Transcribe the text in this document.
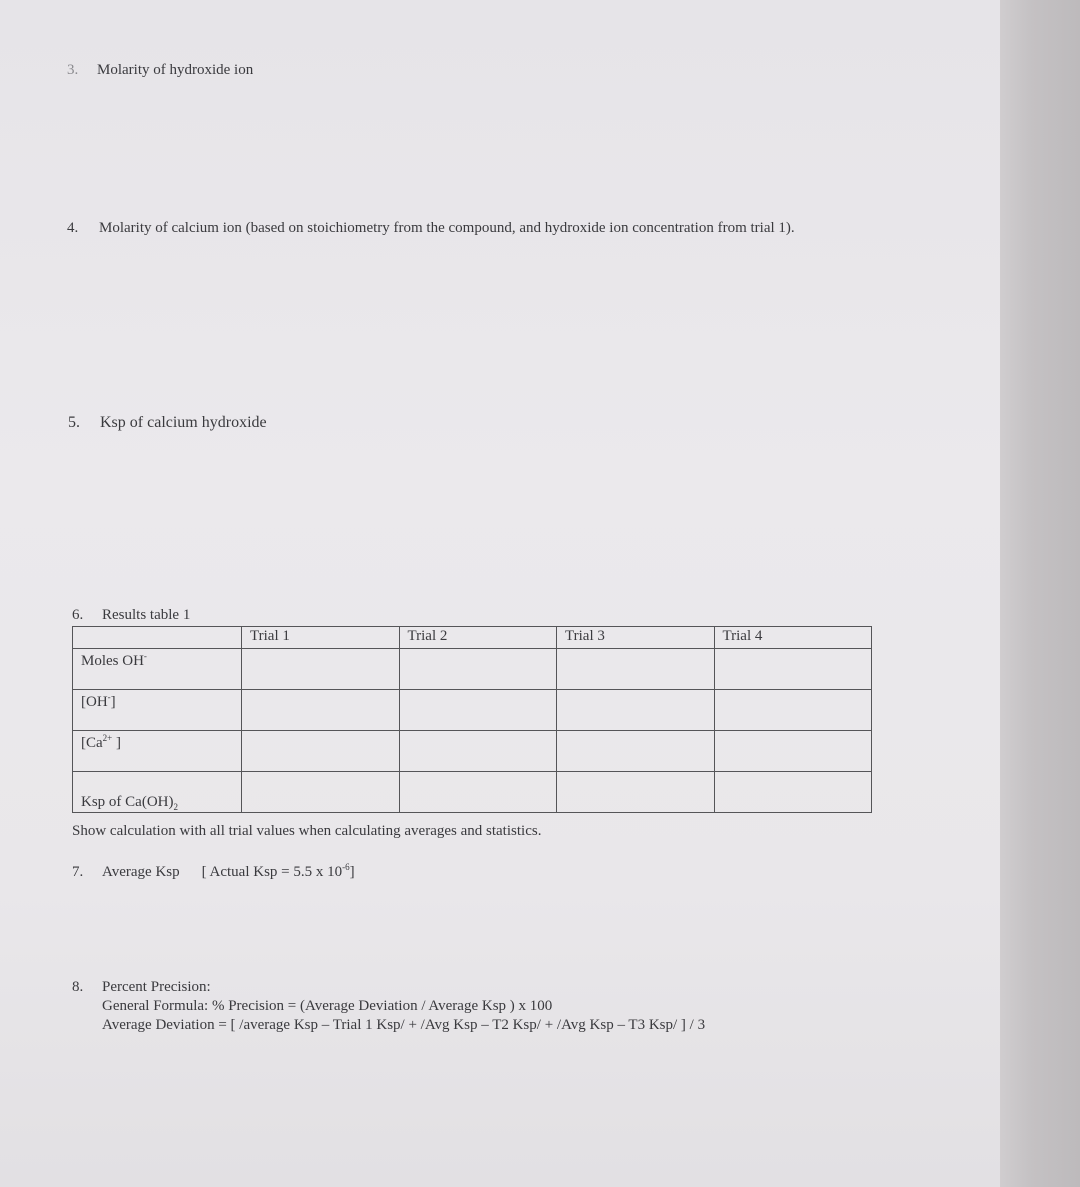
3. Molarity of hydroxide ion
4. Molarity of calcium ion (based on stoichiometry from the compound, and hydroxide ion concentration from trial 1).
5. Ksp of calcium hydroxide
6. Results table 1
	Trial 1	Trial 2	Trial 3	Trial 4
Moles OH-				
[OH-]				
[$Ca^{2+}$ ]				
Ksp of $Ca(OH)_2$				
Show calculation with all trial values when calculating averages and statistics.
7. Average Ksp [ Actual Ksp = 5.5 x $10^{-6}$]
8. Percent Precision:
General Formula: % Precision = (Average Deviation / Average Ksp ) x 100
Average Deviation = [ /average Ksp – Trial 1 Ksp/ + /Avg Ksp – T2 Ksp/ + /Avg Ksp – T3 Ksp/ ] / 3
